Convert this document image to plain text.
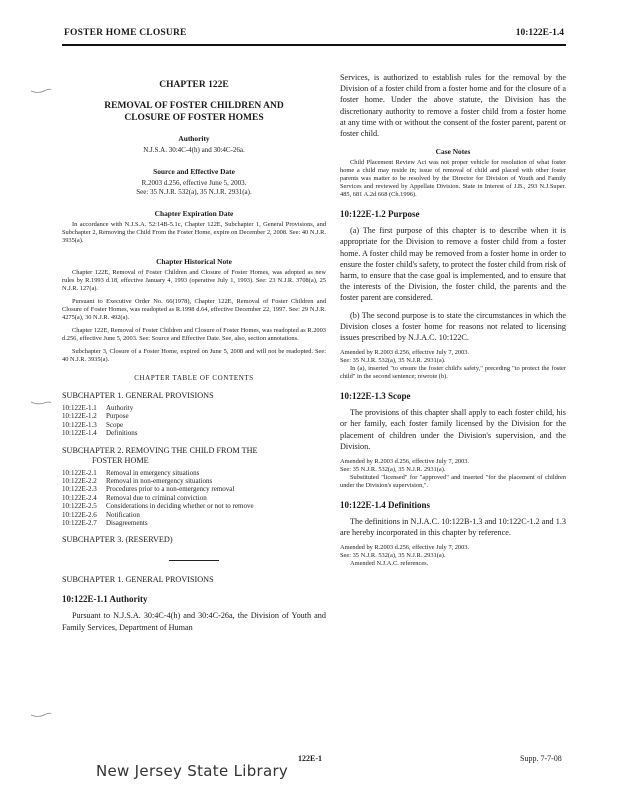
FOSTER HOME CLOSURE	10:122E-1.4
CHAPTER 122E
REMOVAL OF FOSTER CHILDREN AND CLOSURE OF FOSTER HOMES
Authority
N.J.S.A. 30:4C-4(h) and 30:4C-26a.
Source and Effective Date
R.2003 d.256, effective June 5, 2003.
See: 35 N.J.R. 532(a), 35 N.J.R. 2931(a).
Chapter Expiration Date

In accordance with N.J.S.A. 52:14B-5.1c, Chapter 122E, Subchapter 1, General Provisions, and Subchapter 2, Removing the Child From the Foster Home, expire on December 2, 2008. See: 40 N.J.R. 3935(a).

Chapter Historical Note

Chapter 122E, Removal of Foster Children and Closure of Foster Homes, was adopted as new rules by R.1993 d.18, effective January 4, 1993 (operative July 1, 1993). See: 23 N.J.R. 3708(a), 25 N.J.R. 127(a).

Pursuant to Executive Order No. 66(1978), Chapter 122E, Removal of Foster Children and Closure of Foster Homes, was readopted as R.1998 d.64, effective December 22, 1997. See: 29 N.J.R. 4275(a), 30 N.J.R. 492(a).

Chapter 122E, Removal of Foster Children and Closure of Foster Homes, was readopted as R.2003 d.256, effective June 5, 2003. See: Source and Effective Date. See, also, section annotations.

Subchapter 3, Closure of a Foster Home, expired on June 5, 2008 and will not be readopted. See: 40 N.J.R. 3935(a).

CHAPTER TABLE OF CONTENTS
SUBCHAPTER 1. GENERAL PROVISIONS
10:122E-1.1	Authority
10:122E-1.2	Purpose
10:122E-1.3	Scope
10:122E-1.4	Definitions
SUBCHAPTER 2. REMOVING THE CHILD FROM THE
FOSTER HOME
10:122E-2.1	Removal in emergency situations
10:122E-2.2	Removal in non-emergency situations
10:122E-2.3	Procedures prior to a non-emergency removal
10:122E-2.4	Removal due to criminal conviction
10:122E-2.5	Considerations in deciding whether or not to remove
10:122E-2.6	Notification
10:122E-2.7	Disagreements
SUBCHAPTER 3. (RESERVED)
SUBCHAPTER 1. GENERAL PROVISIONS
10:122E-1.1 Authority

Pursuant to N.J.S.A. 30:4C-4(h) and 30:4C-26a, the Division of Youth and Family Services, Department of Human

Services, is authorized to establish rules for the removal by the Division of a foster child from a foster home and for the closure of a foster home. Under the above statute, the Division has the discretionary authority to remove a foster child from a foster home at any time with or without the consent of the foster parent, parent or foster child.

Case Notes

Child Placement Review Act was not proper vehicle for resolution of what foster home a child may reside in; issue of removal of child and placed with other foster parents was matter to be resolved by the Director for Division of Youth and Family Services and reviewed by Appellate Division. State in Interest of J.B., 293 N.J.Super. 485, 681 A.2d 668 (Ch.1996).

10:122E-1.2 Purpose

(a) The first purpose of this chapter is to describe when it is appropriate for the Division to remove a foster child from a foster home. A foster child may be removed from a foster home in order to ensure the foster child's safety, to protect the foster child from risk of harm, to ensure that the case goal is implemented, and to ensure that the interests of the Division, the foster child, the parents and the foster parent are considered.

(b) The second purpose is to state the circumstances in which the Division closes a foster home for reasons not related to licensing issues prescribed by N.J.A.C. 10:122C.

Amended by R.2003 d.256, effective July 7, 2003.

See: 35 N.J.R. 532(a), 35 N.J.R. 2931(a).

In (a), inserted "to ensure the foster child's safety," preceding "to protect the foster child" in the second sentence; rewrote (b).

10:122E-1.3 Scope

The provisions of this chapter shall apply to each foster child, his or her family, each foster family licensed by the Division for the placement of children under the Division's supervision, and the Division.

Amended by R.2003 d.256, effective July 7, 2003.

See: 35 N.J.R. 532(a), 35 N.J.R. 2931(a).

Substituted "licensed" for "approved" and inserted "for the placement of children under the Division's supervision,".

10:122E-1.4 Definitions

The definitions in N.J.A.C. 10:122B-1.3 and 10:122C-1.2 and 1.3 are hereby incorporated in this chapter by reference.

Amended by R.2003 d.256, effective July 7, 2003.

See: 35 N.J.R. 532(a), 35 N.J.R. 2931(a).

Amended N.J.A.C. references.

122E-1	Supp. 7-7-08
New Jersey State Library
